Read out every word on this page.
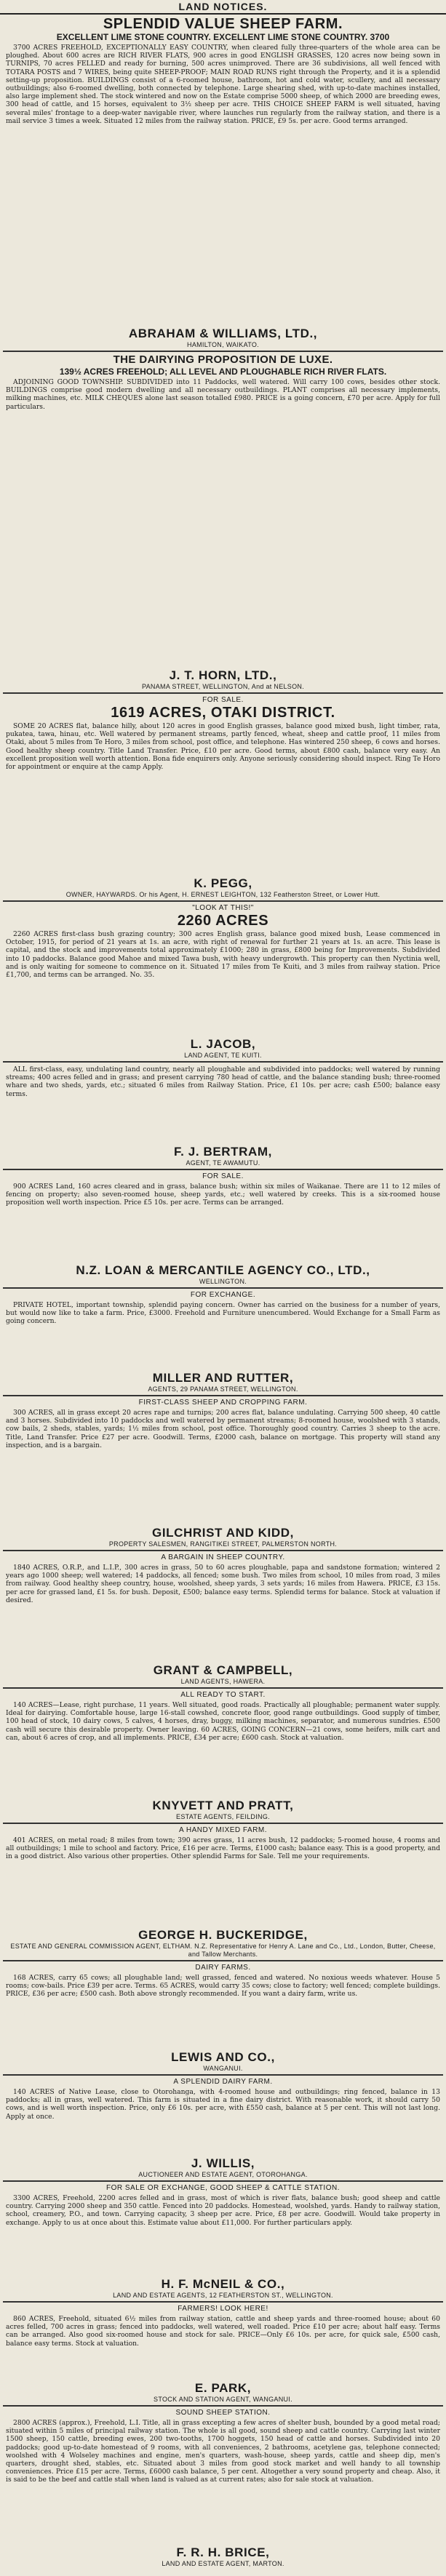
LAND NOTICES.
SPLENDID VALUE SHEEP FARM.
EXCELLENT LIME STONE COUNTRY. EXCELLENT LIME STONE COUNTRY. 3700
3700 ACRES FREEHOLD, EXCEPTIONALLY EASY COUNTRY, when cleared fully three-quarters of the whole area can be ploughed. About 600 acres are RICH RIVER FLATS, 900 acres in good ENGLISH GRASSES, 120 acres now being sown in TURNIPS, 70 acres FELLED and ready for burning, 500 acres unimproved. There are 36 subdivisions, all well fenced with TOTARA POSTS and 7 WIRES, being quite SHEEP-PROOF; MAIN ROAD RUNS right through the Property, and it is a splendid setting-up proposition. BUILDINGS consist of a 6-roomed house, bathroom, hot and cold water, scullery, and all necessary outbuildings; also 6-roomed dwelling, both connected by telephone. Large shearing shed, with up-to-date machines installed, also large implement shed. The stock wintered and now on the Estate comprise 5000 sheep, of which 2000 are breeding ewes, 300 head of cattle, and 15 horses, equivalent to 3½ sheep per acre. THIS CHOICE SHEEP FARM is well situated, having several miles' frontage to a deep-water navigable river, where launches run regularly from the railway station, and there is a mail service 3 times a week. Situated 12 miles from the railway station. PRICE, £9 5s. per acre. Good terms arranged.
ABRAHAM & WILLIAMS, LTD.,
HAMILTON, WAIKATO.
THE DAIRYING PROPOSITION DE LUXE.
139½ ACRES FREEHOLD; ALL LEVEL AND PLOUGHABLE RICH RIVER FLATS.
ADJOINING GOOD TOWNSHIP. SUBDIVIDED into 11 Paddocks, well watered. Will carry 100 cows, besides other stock. BUILDINGS comprise good modern dwelling and all necessary outbuildings. PLANT comprises all necessary implements, milking machines, etc. MILK CHEQUES alone last season totalled £980. PRICE is a going concern, £70 per acre. Apply for full particulars.
J. T. HORN, LTD.,
PANAMA STREET, WELLINGTON, And at NELSON.
FOR SALE.
1619 ACRES, OTAKI DISTRICT.
SOME 20 ACRES flat, balance hilly, about 120 acres in good English grasses, balance good mixed bush, light timber, rata, pukatea, tawa, hinau, etc. Well watered by permanent streams, partly fenced, wheat, sheep and cattle proof, 11 miles from Otaki, about 5 miles from Te Horo, 3 miles from school, post office, and telephone. Has wintered 250 sheep, 6 cows and horses. Good healthy sheep country. Title Land Transfer. Price, £10 per acre. Good terms, about £800 cash, balance very easy. An excellent proposition well worth attention. Bona fide enquirers only. Anyone seriously considering should inspect. Ring Te Horo for appointment or enquire at the camp Apply.
K. PEGG,
OWNER, HAYWARDS. Or his Agent, H. ERNEST LEIGHTON, 132 Featherston Street, or Lower Hutt.
"LOOK AT THIS!"
2260 ACRES
2260 ACRES first-class bush grazing country; 300 acres English grass, balance good mixed bush, Lease commenced in October, 1915, for period of 21 years at 1s. an acre, with right of renewal for further 21 years at 1s. an acre. This lease is capital, and the stock and improvements total approximately £1000; 280 in grass, £800 being for Improvements. Subdivided into 10 paddocks. Balance good Mahoe and mixed Tawa bush, with heavy undergrowth. This property can then Nyctinia well, and is only waiting for someone to commence on it. Situated 17 miles from Te Kuiti, and 3 miles from railway station. Price £1,700, and terms can be arranged. No. 35.
L. JACOB,
LAND AGENT, TE KUITI.
ALL first-class, easy, undulating land country, nearly all ploughable and subdivided into paddocks; well watered by running streams; 400 acres felled and in grass; and present carrying 780 head of cattle, and the balance standing bush; three-roomed whare and two sheds, yards, etc.; situated 6 miles from Railway Station. Price, £1 10s. per acre; cash £500; balance easy terms.
F. J. BERTRAM,
AGENT, TE AWAMUTU.
FOR SALE.
900 ACRES Land, 160 acres cleared and in grass, balance bush; within six miles of Waikanae. There are 11 to 12 miles of fencing on property; also seven-roomed house, sheep yards, etc.; well watered by creeks. This is a six-roomed house proposition well worth inspection. Price £5 10s. per acre. Terms can be arranged.
N.Z. LOAN & MERCANTILE AGENCY CO., LTD.,
WELLINGTON.
FOR EXCHANGE.
PRIVATE HOTEL, important township, splendid paying concern. Owner has carried on the business for a number of years, but would now like to take a farm. Price, £3000. Freehold and Furniture unencumbered. Would Exchange for a Small Farm as going concern.
MILLER AND RUTTER,
AGENTS, 29 PANAMA STREET, WELLINGTON.
FIRST-CLASS SHEEP AND CROPPING FARM.
300 ACRES, all in grass except 20 acres rape and turnips; 200 acres flat, balance undulating. Carrying 500 sheep, 40 cattle and 3 horses. Subdivided into 10 paddocks and well watered by permanent streams; 8-roomed house, woolshed with 3 stands, cow bails, 2 sheds, stables, yards; 1½ miles from school, post office. Thoroughly good country. Carries 3 sheep to the acre. Title, Land Transfer. Price £27 per acre. Goodwill. Terms, £2000 cash, balance on mortgage. This property will stand any inspection, and is a bargain.
GILCHRIST AND KIDD,
PROPERTY SALESMEN, RANGITIKEI STREET, PALMERSTON NORTH.
A BARGAIN IN SHEEP COUNTRY.
1840 ACRES, O.R.P., and L.I.P., 300 acres in grass, 50 to 60 acres ploughable, papa and sandstone formation; wintered 2 years ago 1000 sheep; well watered; 14 paddocks, all fenced; some bush. Two miles from school, 10 miles from road, 3 miles from railway. Good healthy sheep country, house, woolshed, sheep yards, 3 sets yards; 16 miles from Hawera. PRICE, £3 15s. per acre for grassed land, £1 5s. for bush. Deposit, £500; balance easy terms. Splendid terms for balance. Stock at valuation if desired.
GRANT & CAMPBELL,
LAND AGENTS, HAWERA.
ALL READY TO START.
140 ACRES—Lease, right purchase, 11 years. Well situated, good roads. Practically all ploughable; permanent water supply. Ideal for dairying. Comfortable house, large 16-stall cowshed, concrete floor, good range outbuildings. Good supply of timber, 100 head of stock, 10 dairy cows, 5 calves, 4 horses, dray, buggy, milking machines, separator, and numerous sundries. £500 cash will secure this desirable property. Owner leaving. 60 ACRES, GOING CONCERN—21 cows, some heifers, milk cart and can, about 6 acres of crop, and all implements. PRICE, £34 per acre; £600 cash. Stock at valuation.
KNYVETT AND PRATT,
ESTATE AGENTS, FEILDING.
A HANDY MIXED FARM.
401 ACRES, on metal road; 8 miles from town; 390 acres grass, 11 acres bush, 12 paddocks; 5-roomed house, 4 rooms and all outbuildings; 1 mile to school and factory. Price, £16 per acre. Terms, £1000 cash; balance easy. This is a good property, and in a good district. Also various other properties. Other splendid Farms for Sale. Tell me your requirements.
GEORGE H. BUCKERIDGE,
ESTATE AND GENERAL COMMISSION AGENT, ELTHAM. N.Z. Representative for Henry A. Lane and Co., Ltd., London, Butter, Cheese, and Tallow Merchants.
DAIRY FARMS.
168 ACRES, carry 65 cows; all ploughable land; well grassed, fenced and watered. No noxious weeds whatever. House 5 rooms; cow-bails. Price £39 per acre. Terms. 65 ACRES, would carry 35 cows; close to factory; well fenced; complete buildings. PRICE, £36 per acre; £500 cash. Both above strongly recommended. If you want a dairy farm, write us.
LEWIS AND CO.,
WANGANUI.
A SPLENDID DAIRY FARM.
140 ACRES of Native Lease, close to Otorohanga, with 4-roomed house and outbuildings; ring fenced, balance in 13 paddocks; all in grass, well watered. This farm is situated in a fine dairy district. With reasonable work, it should carry 50 cows, and is well worth inspection. Price, only £6 10s. per acre, with £550 cash, balance at 5 per cent. This will not last long. Apply at once.
J. WILLIS,
AUCTIONEER AND ESTATE AGENT, OTOROHANGA.
FOR SALE OR EXCHANGE, GOOD SHEEP & CATTLE STATION.
3300 ACRES, Freehold, 2200 acres felled and in grass, most of which is river flats, balance bush; good sheep and cattle country. Carrying 2000 sheep and 350 cattle. Fenced into 20 paddocks. Homestead, woolshed, yards. Handy to railway station, school, creamery, P.O., and town. Carrying capacity, 3 sheep per acre. Price, £8 per acre. Goodwill. Would take property in exchange. Apply to us at once about this. Estimate value about £11,000. For further particulars apply.
H. F. McNEIL & CO.,
LAND AND ESTATE AGENTS, 12 FEATHERSTON ST., WELLINGTON.
FARMERS! LOOK HERE!
860 ACRES, Freehold, situated 6½ miles from railway station, cattle and sheep yards and three-roomed house; about 60 acres felled, 700 acres in grass; fenced into paddocks, well watered, well roaded. Price £10 per acre; about half easy. Terms can be arranged. Also good six-roomed house and stock for sale. PRICE—Only £6 10s. per acre, for quick sale, £500 cash, balance easy terms. Stock at valuation.
E. PARK,
STOCK AND STATION AGENT, WANGANUI.
SOUND SHEEP STATION.
2800 ACRES (approx.), Freehold, L.I. Title, all in grass excepting a few acres of shelter bush, bounded by a good metal road; situated within 5 miles of principal railway station. The whole is all good, sound sheep and cattle country. Carrying last winter 1500 sheep, 150 cattle, breeding ewes, 200 two-tooths, 1700 hoggets, 150 head of cattle and horses. Subdivided into 20 paddocks; good up-to-date homestead of 9 rooms, with all conveniences, 2 bathrooms, acetylene gas, telephone connected; woolshed with 4 Wolseley machines and engine, men's quarters, wash-house, sheep yards, cattle and sheep dip, men's quarters, drought shed, stables, etc. Situated about 3 miles from good stock market and well handy to all township conveniences. Price £15 per acre. Terms, £6000 cash balance, 5 per cent. Altogether a very sound property and cheap. Also, it is said to be the beef and cattle stall when land is valued as at current rates; also for sale stock at valuation.
F. R. H. BRICE,
LAND AND ESTATE AGENT, MARTON.
